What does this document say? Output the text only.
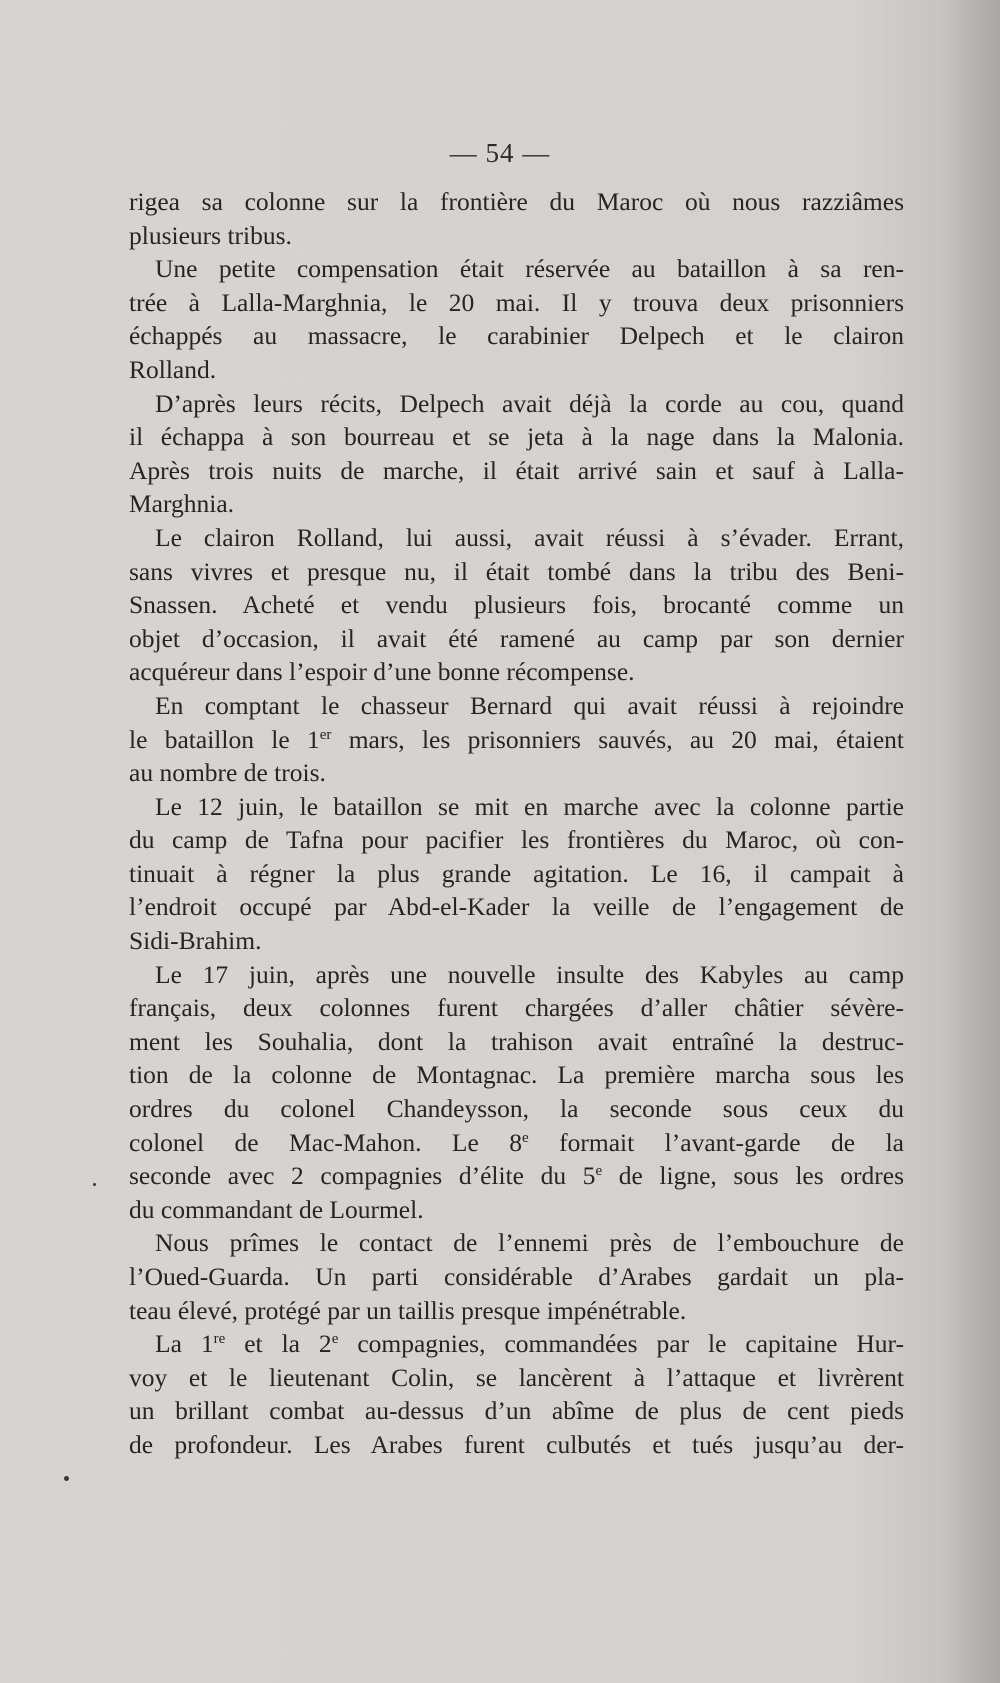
— 54 —
rigea sa colonne sur la frontière du Maroc où nous razziâmes
plusieurs tribus.
Une petite compensation était réservée au bataillon à sa ren-
trée à Lalla-Marghnia, le 20 mai. Il y trouva deux prisonniers
échappés au massacre, le carabinier Delpech et le clairon
Rolland.
D’après leurs récits, Delpech avait déjà la corde au cou, quand
il échappa à son bourreau et se jeta à la nage dans la Malonia.
Après trois nuits de marche, il était arrivé sain et sauf à Lalla-
Marghnia.
Le clairon Rolland, lui aussi, avait réussi à s’évader. Errant,
sans vivres et presque nu, il était tombé dans la tribu des Beni-
Snassen. Acheté et vendu plusieurs fois, brocanté comme un
objet d’occasion, il avait été ramené au camp par son dernier
acquéreur dans l’espoir d’une bonne récompense.
En comptant le chasseur Bernard qui avait réussi à rejoindre
le bataillon le 1er mars, les prisonniers sauvés, au 20 mai, étaient
au nombre de trois.
Le 12 juin, le bataillon se mit en marche avec la colonne partie
du camp de Tafna pour pacifier les frontières du Maroc, où con-
tinuait à régner la plus grande agitation. Le 16, il campait à
l’endroit occupé par Abd-el-Kader la veille de l’engagement de
Sidi-Brahim.
Le 17 juin, après une nouvelle insulte des Kabyles au camp
français, deux colonnes furent chargées d’aller châtier sévère-
ment les Souhalia, dont la trahison avait entraîné la destruc-
tion de la colonne de Montagnac. La première marcha sous les
ordres du colonel Chandeysson, la seconde sous ceux du
colonel de Mac-Mahon. Le 8e formait l’avant-garde de la
seconde avec 2 compagnies d’élite du 5e de ligne, sous les ordres
du commandant de Lourmel.
Nous prîmes le contact de l’ennemi près de l’embouchure de
l’Oued-Guarda. Un parti considérable d’Arabes gardait un pla-
teau élevé, protégé par un taillis presque impénétrable.
La 1re et la 2e compagnies, commandées par le capitaine Hur-
voy et le lieutenant Colin, se lancèrent à l’attaque et livrèrent
un brillant combat au-dessus d’un abîme de plus de cent pieds
de profondeur. Les Arabes furent culbutés et tués jusqu’au der-
